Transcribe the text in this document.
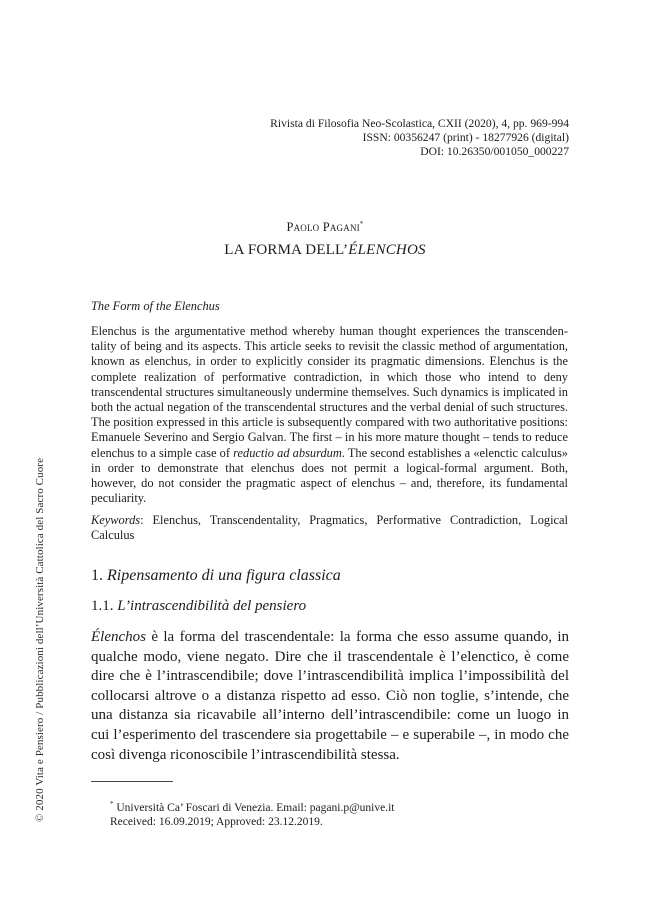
© 2020 Vita e Pensiero / Pubblicazioni dell’Università Cattolica del Sacro Cuore
Rivista di Filosofia Neo-Scolastica, CXII (2020), 4, pp. 969-994
ISSN: 00356247 (print) - 18277926 (digital)
DOI: 10.26350/001050_000227
Paolo Pagani*
LA FORMA DELL’ÉLENCHOS
The Form of the Elenchus
Elenchus is the argumentative method whereby human thought experiences the transcendentality of being and its aspects. This article seeks to revisit the classic method of argumentation, known as elenchus, in order to explicitly consider its pragmatic dimensions. Elenchus is the complete realization of performative contradiction, in which those who intend to deny transcendental structures simultaneously undermine themselves. Such dynamics is implicated in both the actual negation of the transcendental structures and the verbal denial of such structures. The position expressed in this article is subsequently compared with two authoritative positions: Emanuele Severino and Sergio Galvan. The first – in his more mature thought – tends to reduce elenchus to a simple case of reductio ad absurdum. The second establishes a «elenctic calculus» in order to demonstrate that elenchus does not permit a logical-formal argument. Both, however, do not consider the pragmatic aspect of elenchus – and, therefore, its fundamental peculiarity.
Keywords: Elenchus, Transcendentality, Pragmatics, Performative Contradiction, Logical Calculus
1. Ripensamento di una figura classica
1.1. L’intrascendibilità del pensiero
Élenchos è la forma del trascendentale: la forma che esso assume quando, in qualche modo, viene negato. Dire che il trascendentale è l’elenctico, è come dire che è l’intrascendibile; dove l’intrascendibilità implica l’impossibilità del collocarsi altrove o a distanza rispetto ad esso. Ciò non toglie, s’intende, che una distanza sia ricavabile all’interno dell’intrascendibile: come un luogo in cui l’esperimento del trascendere sia progettabile – e superabile –, in modo che così divenga riconoscibile l’intrascendibilità stessa.
* Università Ca’ Foscari di Venezia. Email: pagani.p@unive.it
Received: 16.09.2019; Approved: 23.12.2019.
